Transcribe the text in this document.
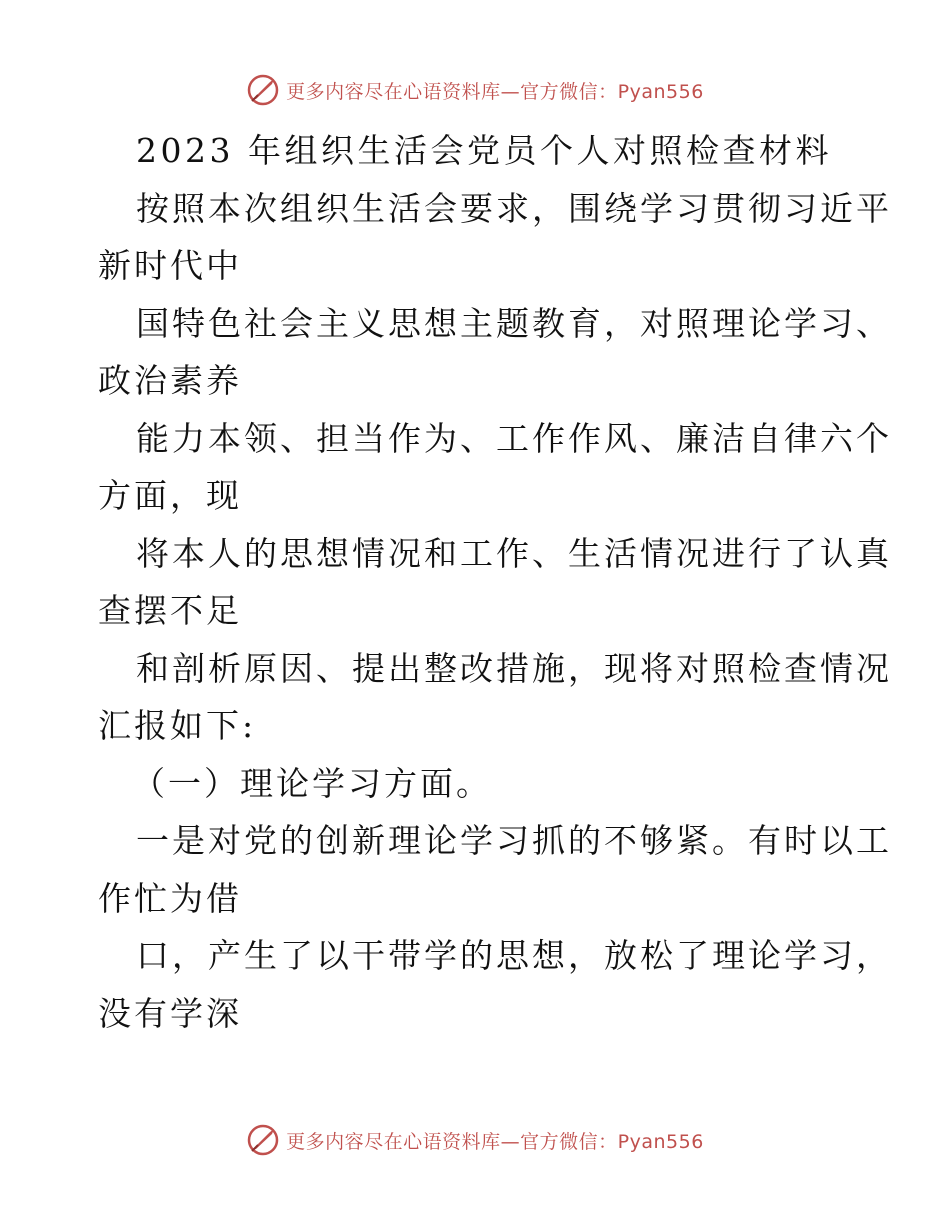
更多内容尽在心语资料库—官方微信：Pyan556
2023 年组织生活会党员个人对照检查材料
按照本次组织生活会要求，围绕学习贯彻习近平
新时代中
国特色社会主义思想主题教育，对照理论学习、
政治素养
能力本领、担当作为、工作作风、廉洁自律六个
方面，现
将本人的思想情况和工作、生活情况进行了认真
查摆不足
和剖析原因、提出整改措施，现将对照检查情况
汇报如下:
（一）理论学习方面。
一是对党的创新理论学习抓的不够紧。有时以工
作忙为借
口，产生了以干带学的思想，放松了理论学习，
没有学深
更多内容尽在心语资料库—官方微信：Pyan556
